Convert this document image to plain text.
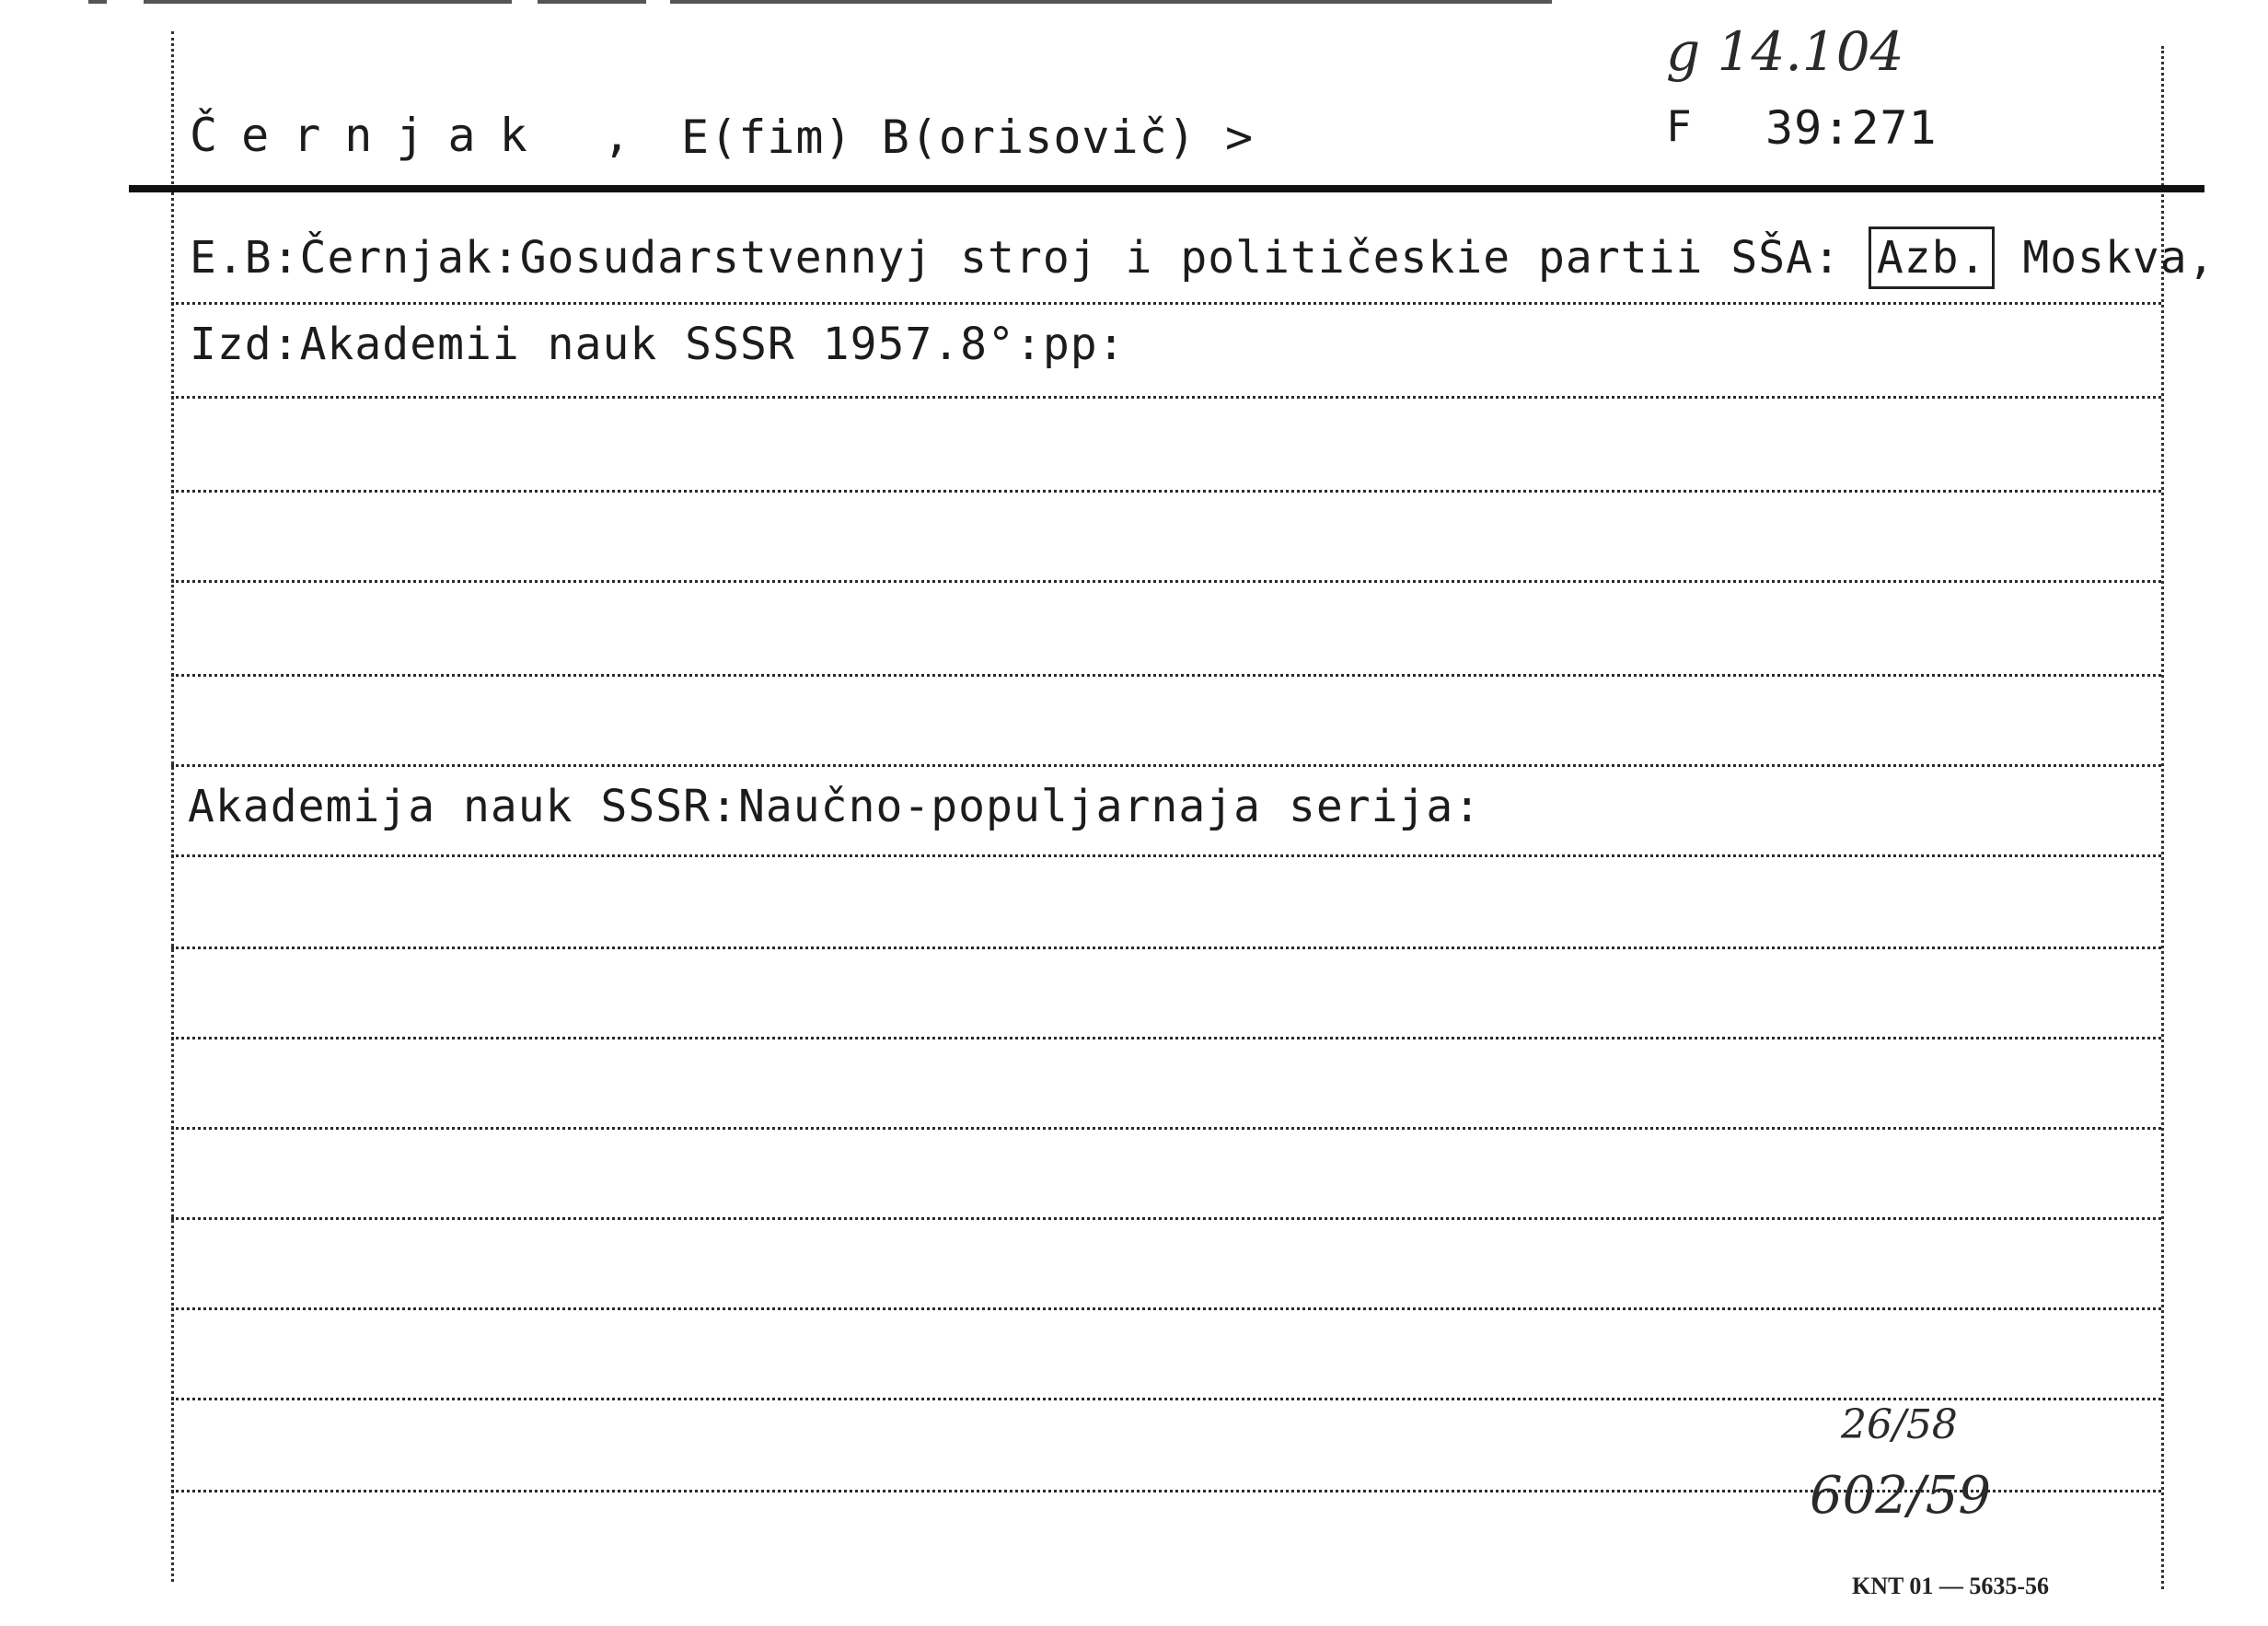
g 14.104
Černjak , E(fim) B(orisovič) >	F 39:271
E.B:Černjak:Gosudarstvennyj stroj i političeskie partii SŠA: Azb. Moskva,
Izd:Akademii nauk SSSR 1957.8°:pp:
Akademija nauk SSSR:Naučno-populjarnaja serija:
26/58
602/59
KNT 01 — 5635-56
